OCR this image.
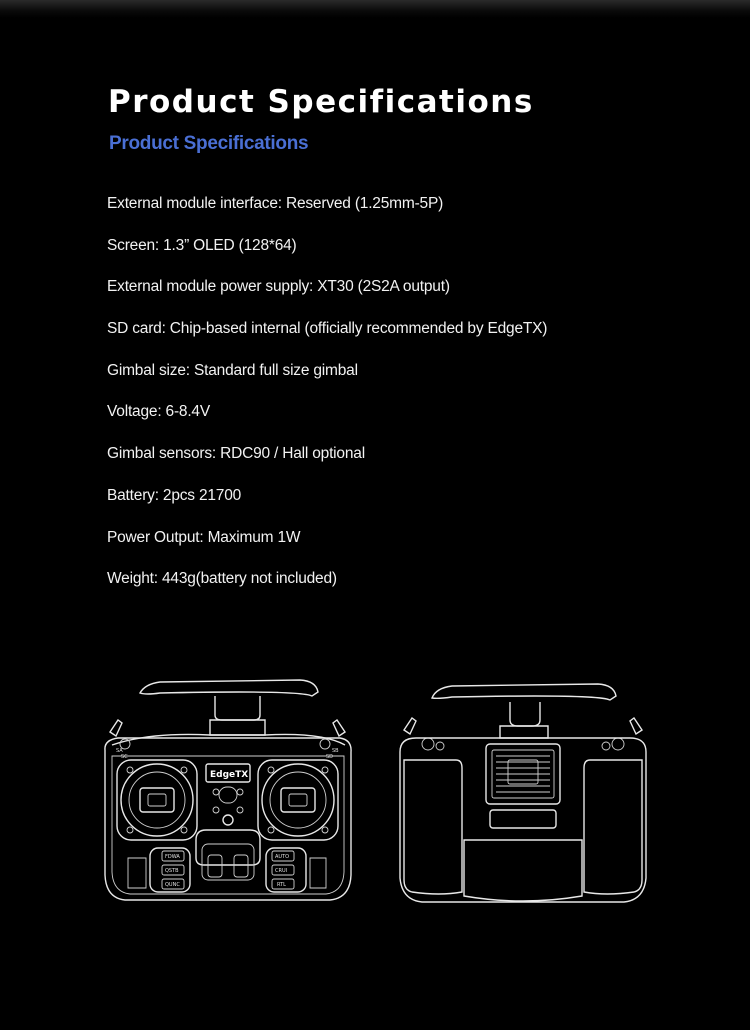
Product Specifications
Product Specifications
External module interface: Reserved (1.25mm-5P)
Screen: 1.3” OLED (128*64)
External module power supply: XT30 (2S2A output)
SD card: Chip-based internal (officially recommended by EdgeTX)
Gimbal size: Standard full size gimbal
Voltage: 6-8.4V
Gimbal sensors: RDC90 / Hall optional
Battery: 2pcs 21700
Power Output: Maximum 1W
Weight: 443g(battery not included)
SA	SB
SC	SD
EdgeTX
FDWA
QSTB
QUNC
AUTO
CRUI
RTL
